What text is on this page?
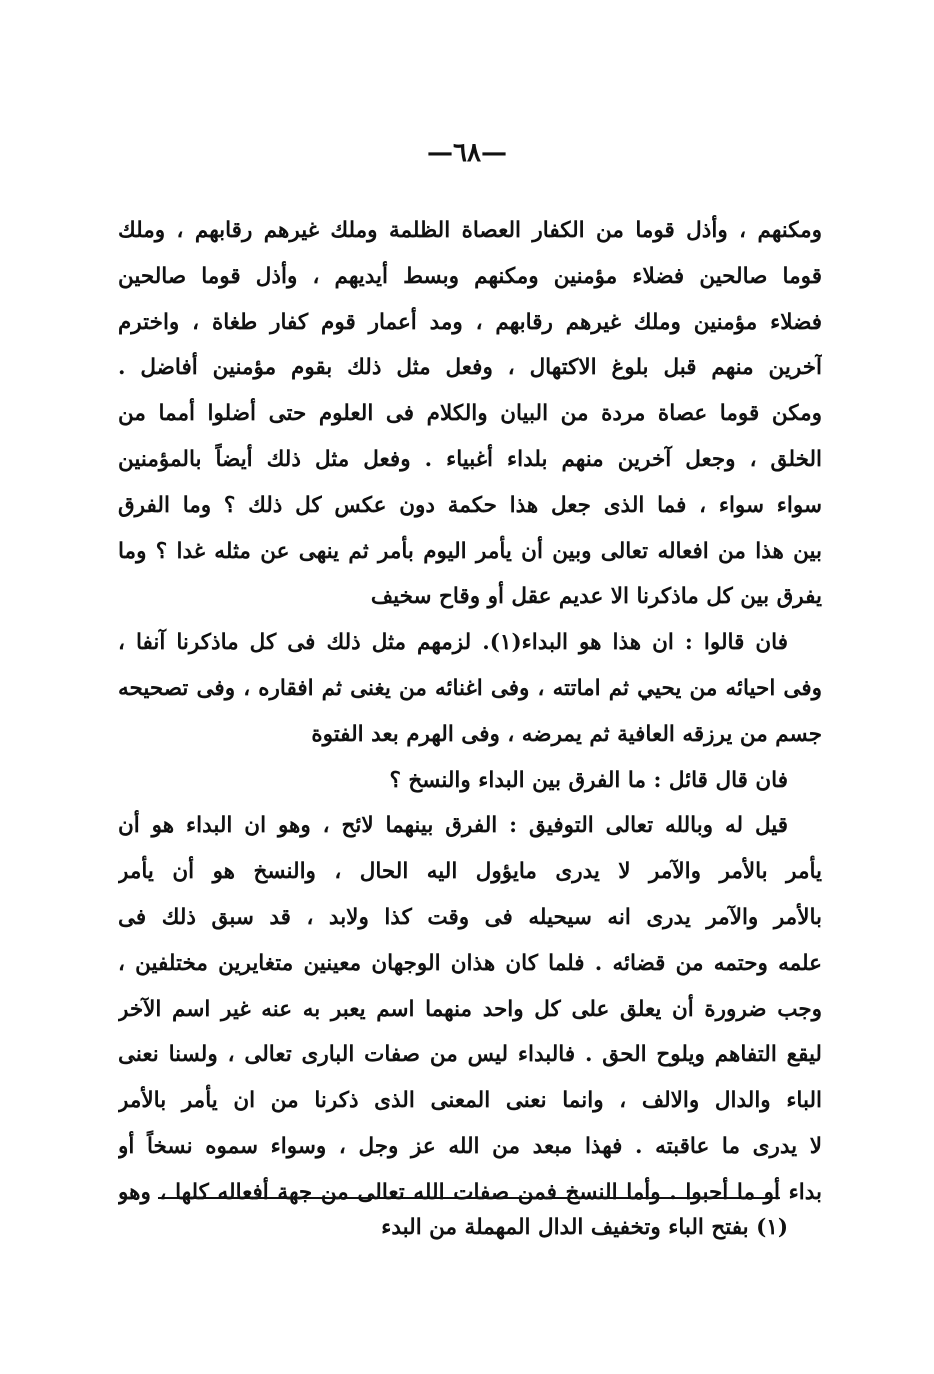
—٦٨—
ومكنهم ، وأذل قوما من الكفار العصاة الظلمة وملك غيرهم رقابهم ، وملك
قوما صالحين فضلاء مؤمنين ومكنهم وبسط أيديهم ، وأذل قوما صالحين
فضلاء مؤمنين وملك غيرهم رقابهم ، ومد أعمار قوم كفار طغاة ، واخترم
آخرين منهم قبل بلوغ الاكتهال ، وفعل مثل ذلك بقوم مؤمنين أفاضل .
ومكن قوما عصاة مردة من البيان والكلام فى العلوم حتى أضلوا أمما من
الخلق ، وجعل آخرين منهم بلداء أغبياء . وفعل مثل ذلك أيضاً بالمؤمنين
سواء سواء ، فما الذى جعل هذا حكمة دون عكس كل ذلك ؟ وما الفرق
بين هذا من افعاله تعالى وبين أن يأمر اليوم بأمر ثم ينهى عن مثله غدا ؟ وما
يفرق بين كل ماذكرنا الا عديم عقل أو وقاح سخيف
فان قالوا : ان هذا هو البداء(١). لزمهم مثل ذلك فى كل ماذكرنا آنفا ،
وفى احيائه من يحيي ثم اماتته ، وفى اغنائه من يغنى ثم افقاره ، وفى تصحيحه
جسم من يرزقه العافية ثم يمرضه ، وفى الهرم بعد الفتوة
فان قال قائل : ما الفرق بين البداء والنسخ ؟
قيل له وبالله تعالى التوفيق : الفرق بينهما لائح ، وهو ان البداء هو أن
يأمر بالأمر والآمر لا يدرى مايؤول اليه الحال ، والنسخ هو أن يأمر
بالأمر والآمر يدرى انه سيحيله فى وقت كذا ولابد ، قد سبق ذلك فى
علمه وحتمه من قضائه . فلما كان هذان الوجهان معينين متغايرين مختلفين ،
وجب ضرورة أن يعلق على كل واحد منهما اسم يعبر به عنه غير اسم الآخر
ليقع التفاهم ويلوح الحق . فالبداء ليس من صفات البارى تعالى ، ولسنا نعنى
الباء والدال والالف ، وانما نعنى المعنى الذى ذكرنا من ان يأمر بالأمر
لا يدرى ما عاقبته . فهذا مبعد من الله عز وجل ، وسواء سموه نسخاً أو
بداء أو ما أحبوا . وأما النسخ فمن صفات الله تعالى من جهة أفعاله كلها ، وهو
(١) بفتح الباء وتخفيف الدال المهملة من البدء
